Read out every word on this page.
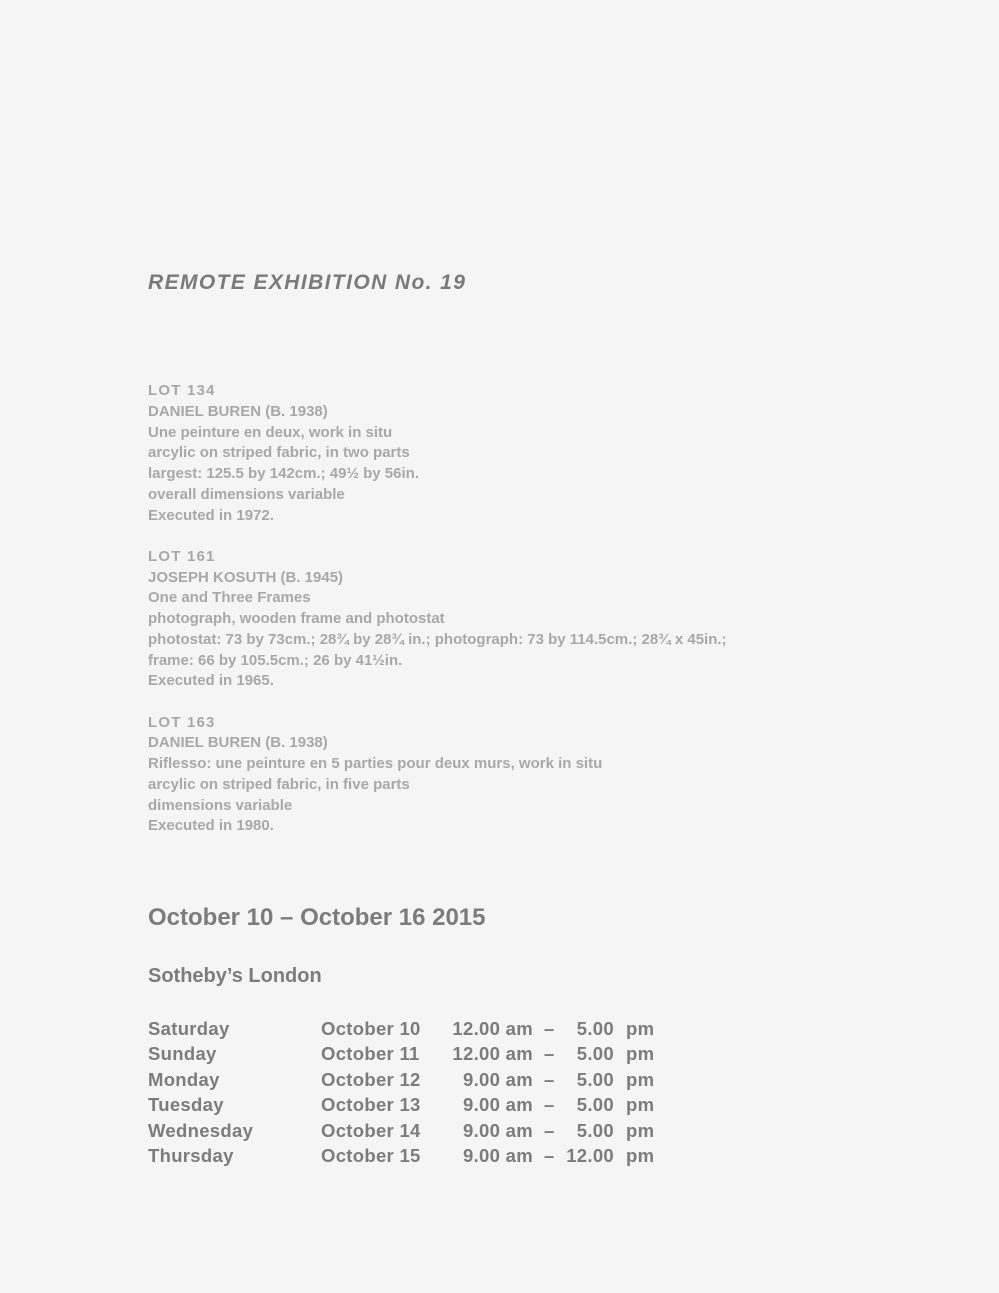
REMOTE EXHIBITION No. 19
LOT 134
DANIEL BUREN (B. 1938)
Une peinture en deux, work in situ
arcylic on striped fabric, in two parts
largest: 125.5 by 142cm.; 49½ by 56in.
overall dimensions variable
Executed in 1972.
LOT 161
JOSEPH KOSUTH (B. 1945)
One and Three Frames
photograph, wooden frame and photostat
photostat: 73 by 73cm.; 28¾ by 28¾ in.; photograph: 73 by 114.5cm.; 28¾ x 45in.;
frame: 66 by 105.5cm.; 26 by 41½in.
Executed in 1965.
LOT 163
DANIEL BUREN (B. 1938)
Riflesso: une peinture en 5 parties pour deux murs, work in situ
arcylic on striped fabric, in five parts
dimensions variable
Executed in 1980.
October 10 – October 16 2015
Sotheby’s London
Saturday	October 10 12.00 am – 5.00 pm
Sunday	October 11 12.00 am – 5.00 pm
Monday	October 12 9.00 am – 5.00 pm
Tuesday	October 13 9.00 am – 5.00 pm
Wednesday	October 14 9.00 am – 5.00 pm
Thursday	October 15 9.00 am – 12.00 pm
